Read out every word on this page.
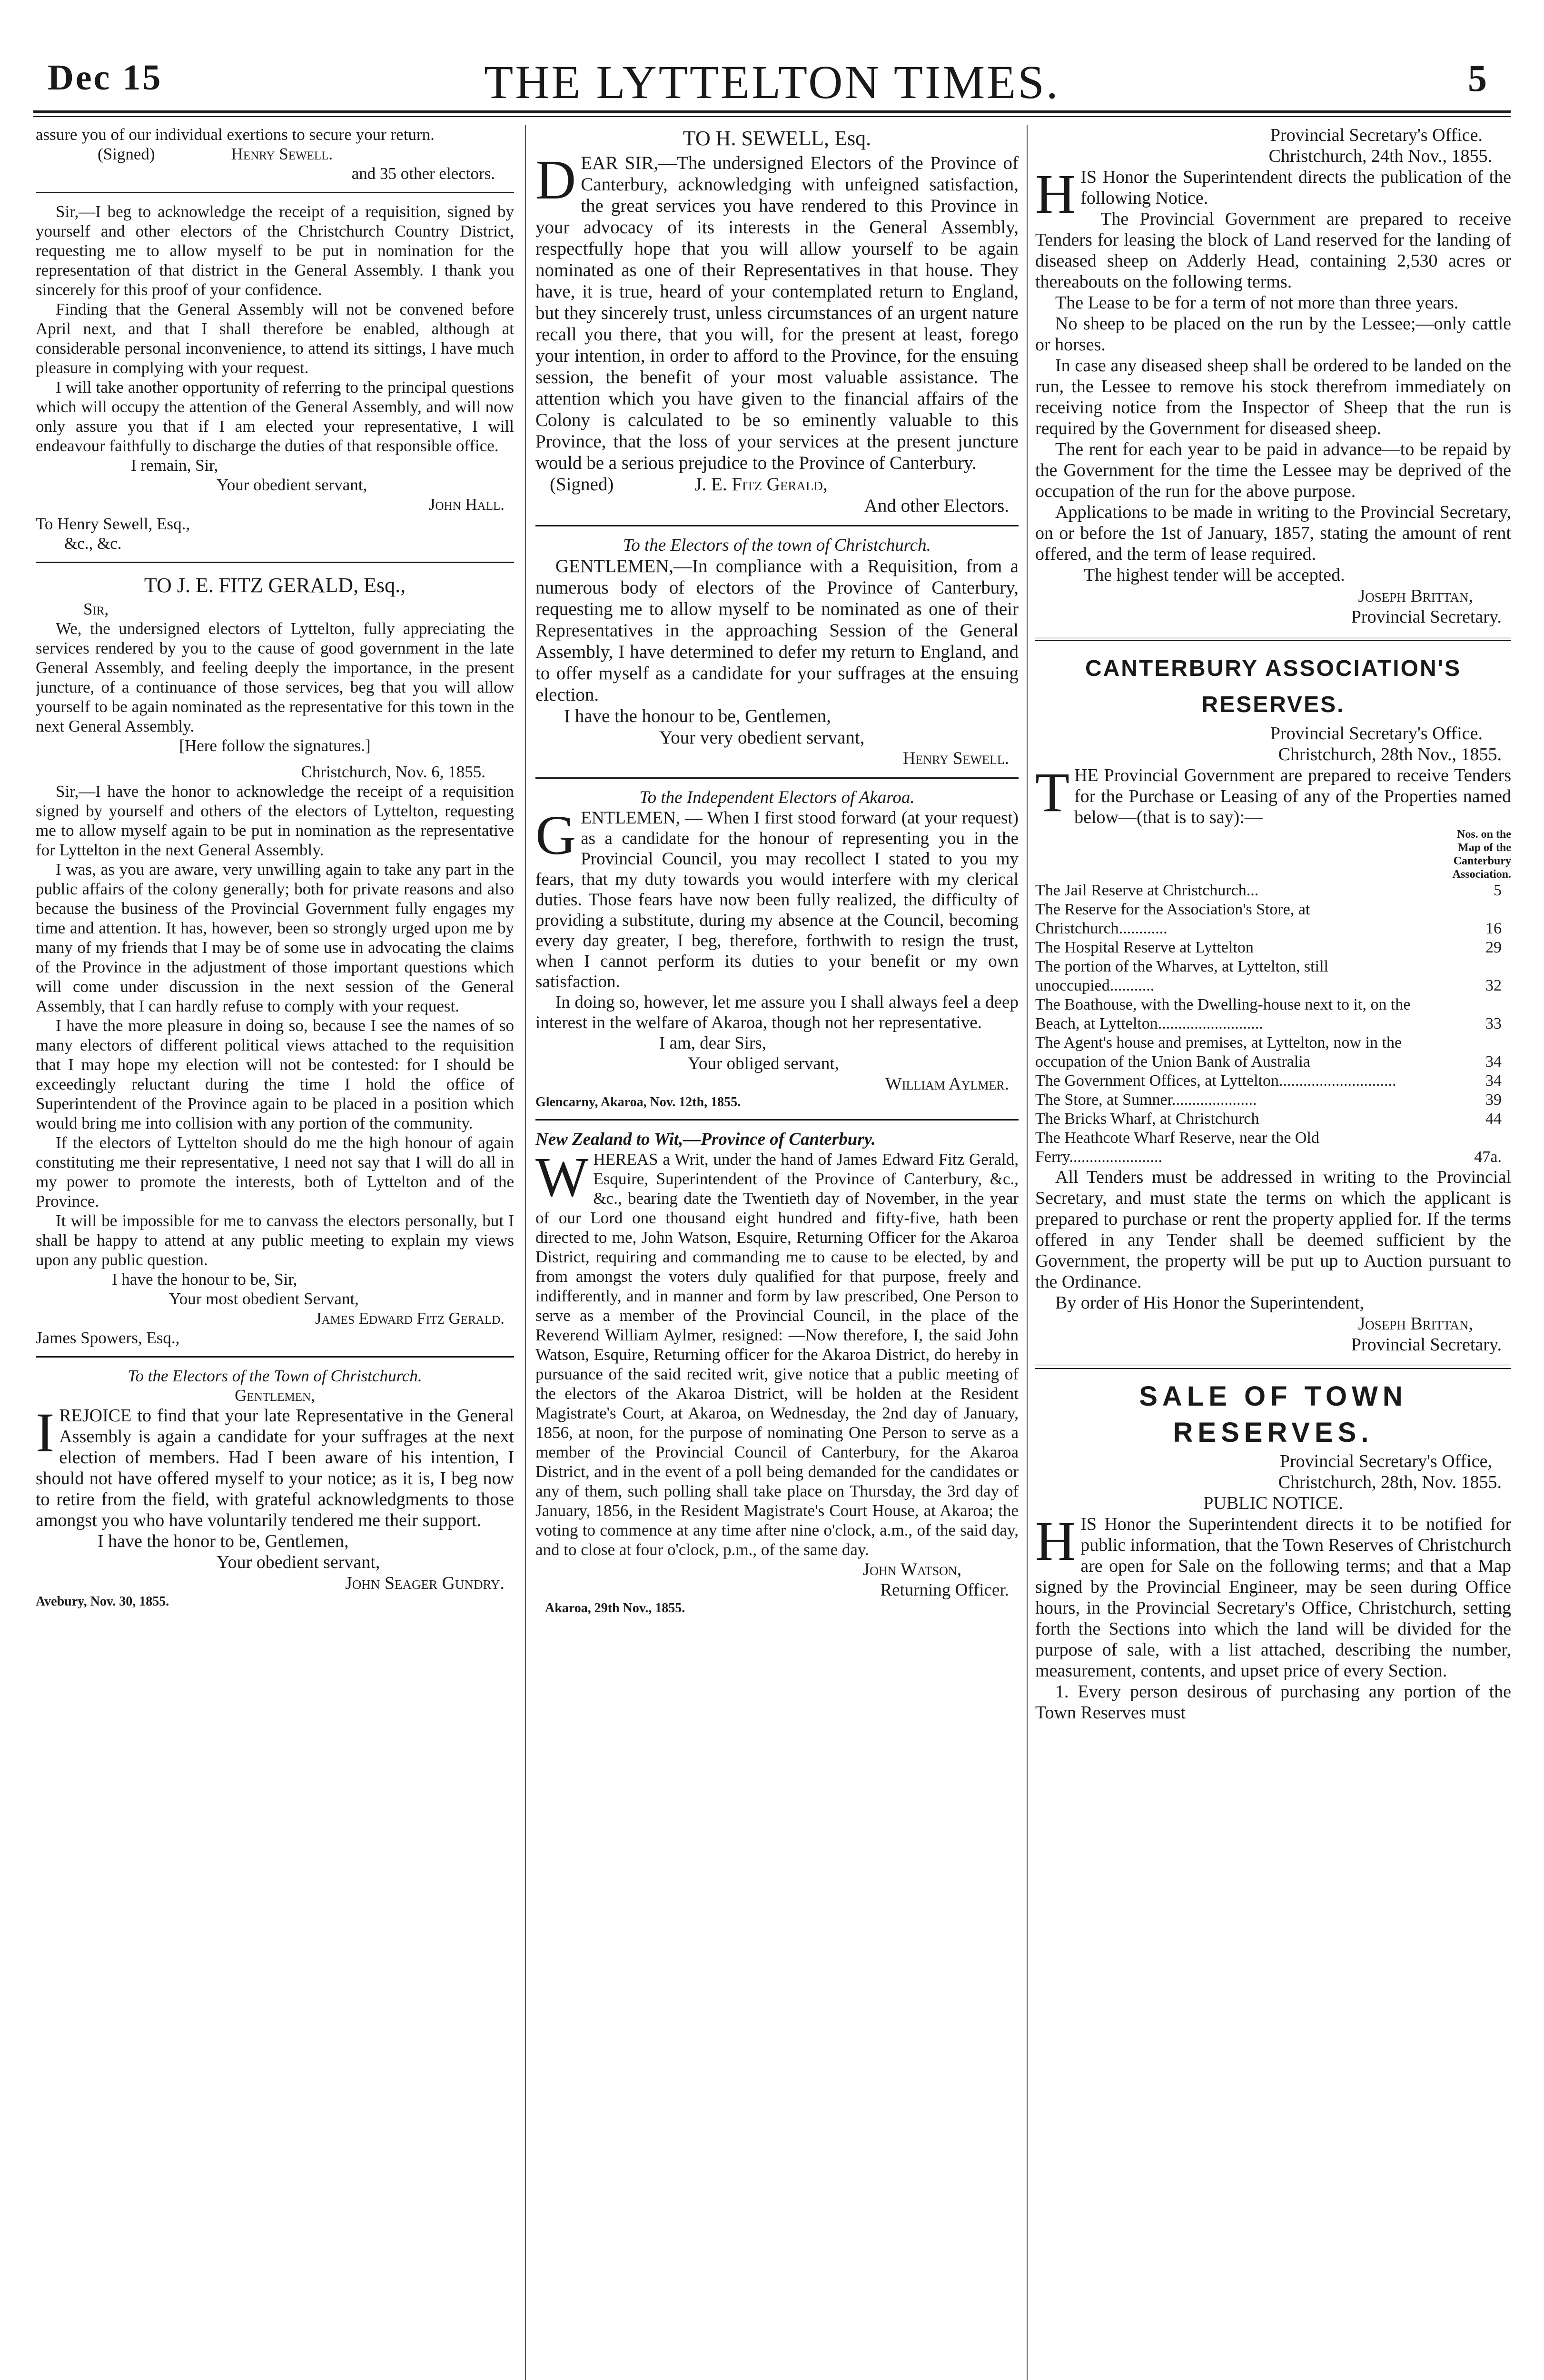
Dec 15	THE LYTTELTON TIMES.	5

assure you of our individual exertions to secure your return.

(Signed)	Henry Sewell.

and 35 other electors.

Sir,—I beg to acknowledge the receipt of a requisition, signed by yourself and other electors of the Christchurch Country District, requesting me to allow myself to be put in nomination for the representation of that district in the General Assembly. I thank you sincerely for this proof of your confidence.

Finding that the General Assembly will not be convened before April next, and that I shall therefore be enabled, although at considerable personal inconvenience, to attend its sittings, I have much pleasure in complying with your request.

I will take another opportunity of referring to the principal questions which will occupy the attention of the General Assembly, and will now only assure you that if I am elected your representative, I will endeavour faithfully to discharge the duties of that responsible office.

I remain, Sir,

Your obedient servant,

John Hall.

To Henry Sewell, Esq.,

&c., &c.

TO J. E. FITZ GERALD, Esq.,

Sir,

We, the undersigned electors of Lyttelton, fully appreciating the services rendered by you to the cause of good government in the late General Assembly, and feeling deeply the importance, in the present juncture, of a continuance of those services, beg that you will allow yourself to be again nominated as the representative for this town in the next General Assembly.

[Here follow the signatures.]

Christchurch, Nov. 6, 1855.

Sir,—I have the honor to acknowledge the receipt of a requisition signed by yourself and others of the electors of Lyttelton, requesting me to allow myself again to be put in nomination as the representative for Lyttelton in the next General Assembly.

I was, as you are aware, very unwilling again to take any part in the public affairs of the colony generally; both for private reasons and also because the business of the Provincial Government fully engages my time and attention. It has, however, been so strongly urged upon me by many of my friends that I may be of some use in advocating the claims of the Province in the adjustment of those important questions which will come under discussion in the next session of the General Assembly, that I can hardly refuse to comply with your request.

I have the more pleasure in doing so, because I see the names of so many electors of different political views attached to the requisition that I may hope my election will not be contested: for I should be exceedingly reluctant during the time I hold the office of Superintendent of the Province again to be placed in a position which would bring me into collision with any portion of the community.

If the electors of Lyttelton should do me the high honour of again constituting me their representative, I need not say that I will do all in my power to promote the interests, both of Lyttelton and of the Province.

It will be impossible for me to canvass the electors personally, but I shall be happy to attend at any public meeting to explain my views upon any public question.

I have the honour to be, Sir,

Your most obedient Servant,

James Edward Fitz Gerald.

James Spowers, Esq.,

To the Electors of the Town of Christchurch.

Gentlemen,

IREJOICE to find that your late Representative in the General Assembly is again a candidate for your suffrages at the next election of members. Had I been aware of his intention, I should not have offered myself to your notice; as it is, I beg now to retire from the field, with grateful acknowledgments to those amongst you who have voluntarily tendered me their support.

I have the honor to be, Gentlemen,

Your obedient servant,

John Seager Gundry.

Avebury, Nov. 30, 1855.

TO H. SEWELL, Esq.

DEAR SIR,—The undersigned Electors of the Province of Canterbury, acknowledging with unfeigned satisfaction, the great services you have rendered to this Province in your advocacy of its interests in the General Assembly, respectfully hope that you will allow yourself to be again nominated as one of their Representatives in that house. They have, it is true, heard of your contemplated return to England, but they sincerely trust, unless circumstances of an urgent nature recall you there, that you will, for the present at least, forego your intention, in order to afford to the Province, for the ensuing session, the benefit of your most valuable assistance. The attention which you have given to the financial affairs of the Colony is calculated to be so eminently valuable to this Province, that the loss of your services at the present juncture would be a serious prejudice to the Province of Canterbury.

(Signed)	J. E. Fitz Gerald,

And other Electors.

To the Electors of the town of Christchurch.

GENTLEMEN,—In compliance with a Requisition, from a numerous body of electors of the Province of Canterbury, requesting me to allow myself to be nominated as one of their Representatives in the approaching Session of the General Assembly, I have determined to defer my return to England, and to offer myself as a candidate for your suffrages at the ensuing election.

I have the honour to be, Gentlemen,

Your very obedient servant,

Henry Sewell.

To the Independent Electors of Akaroa.

GENTLEMEN, — When I first stood forward (at your request) as a candidate for the honour of representing you in the Provincial Council, you may recollect I stated to you my fears, that my duty towards you would interfere with my clerical duties. Those fears have now been fully realized, the difficulty of providing a substitute, during my absence at the Council, becoming every day greater, I beg, therefore, forthwith to resign the trust, when I cannot perform its duties to your benefit or my own satisfaction.

In doing so, however, let me assure you I shall always feel a deep interest in the welfare of Akaroa, though not her representative.

I am, dear Sirs,

Your obliged servant,

William Aylmer.

Glencarny, Akaroa, Nov. 12th, 1855.

New Zealand to Wit,—Province of Canterbury.

WHEREAS a Writ, under the hand of James Edward Fitz Gerald, Esquire, Superintendent of the Province of Canterbury, &c., &c., bearing date the Twentieth day of November, in the year of our Lord one thousand eight hundred and fifty-five, hath been directed to me, John Watson, Esquire, Returning Officer for the Akaroa District, requiring and commanding me to cause to be elected, by and from amongst the voters duly qualified for that purpose, freely and indifferently, and in manner and form by law prescribed, One Person to serve as a member of the Provincial Council, in the place of the Reverend William Aylmer, resigned: —Now therefore, I, the said John Watson, Esquire, Returning officer for the Akaroa District, do hereby in pursuance of the said recited writ, give notice that a public meeting of the electors of the Akaroa District, will be holden at the Resident Magistrate's Court, at Akaroa, on Wednesday, the 2nd day of January, 1856, at noon, for the purpose of nominating One Person to serve as a member of the Provincial Council of Canterbury, for the Akaroa District, and in the event of a poll being demanded for the candidates or any of them, such polling shall take place on Thursday, the 3rd day of January, 1856, in the Resident Magistrate's Court House, at Akaroa; the voting to commence at any time after nine o'clock, a.m., of the said day, and to close at four o'clock, p.m., of the same day.

John Watson,

Returning Officer.

Akaroa, 29th Nov., 1855.

Provincial Secretary's Office.

Christchurch, 24th Nov., 1855.

HIS Honor the Superintendent directs the publication of the following Notice.

The Provincial Government are prepared to receive Tenders for leasing the block of Land reserved for the landing of diseased sheep on Adderly Head, containing 2,530 acres or thereabouts on the following terms.

The Lease to be for a term of not more than three years.

No sheep to be placed on the run by the Lessee;—only cattle or horses.

In case any diseased sheep shall be ordered to be landed on the run, the Lessee to remove his stock therefrom immediately on receiving notice from the Inspector of Sheep that the run is required by the Government for diseased sheep.

The rent for each year to be paid in advance—to be repaid by the Government for the time the Lessee may be deprived of the occupation of the run for the above purpose.

Applications to be made in writing to the Provincial Secretary, on or before the 1st of January, 1857, stating the amount of rent offered, and the term of lease required.

The highest tender will be accepted.

Joseph Brittan,

Provincial Secretary.

CANTERBURY ASSOCIATION'S RESERVES.

Provincial Secretary's Office.

Christchurch, 28th Nov., 1855.

THE Provincial Government are prepared to receive Tenders for the Purchase or Leasing of any of the Properties named below—(that is to say):—

Nos. on the Map of the Canterbury Association.
The Jail Reserve at Christchurch...	5
The Reserve for the Association's Store, at Christchurch............	16
The Hospital Reserve at Lyttelton	29
The portion of the Wharves, at Lyttelton, still unoccupied...........	32
The Boathouse, with the Dwelling-house next to it, on the Beach, at Lyttelton..........................	33
The Agent's house and premises, at Lyttelton, now in the occupation of the Union Bank of Australia	34
The Government Offices, at Lyttelton.............................	34
The Store, at Sumner.....................	39
The Bricks Wharf, at Christchurch	44
The Heathcote Wharf Reserve, near the Old Ferry.......................	47a.

All Tenders must be addressed in writing to the Provincial Secretary, and must state the terms on which the applicant is prepared to purchase or rent the property applied for. If the terms offered in any Tender shall be deemed sufficient by the Government, the property will be put up to Auction pursuant to the Ordinance.

By order of His Honor the Superintendent,

Joseph Brittan,

Provincial Secretary.

SALE OF TOWN RESERVES.

Provincial Secretary's Office,

Christchurch, 28th, Nov. 1855.

PUBLIC NOTICE.

HIS Honor the Superintendent directs it to be notified for public information, that the Town Reserves of Christchurch are open for Sale on the following terms; and that a Map signed by the Provincial Engineer, may be seen during Office hours, in the Provincial Secretary's Office, Christchurch, setting forth the Sections into which the land will be divided for the purpose of sale, with a list attached, describing the number, measurement, contents, and upset price of every Section.

1. Every person desirous of purchasing any portion of the Town Reserves must
